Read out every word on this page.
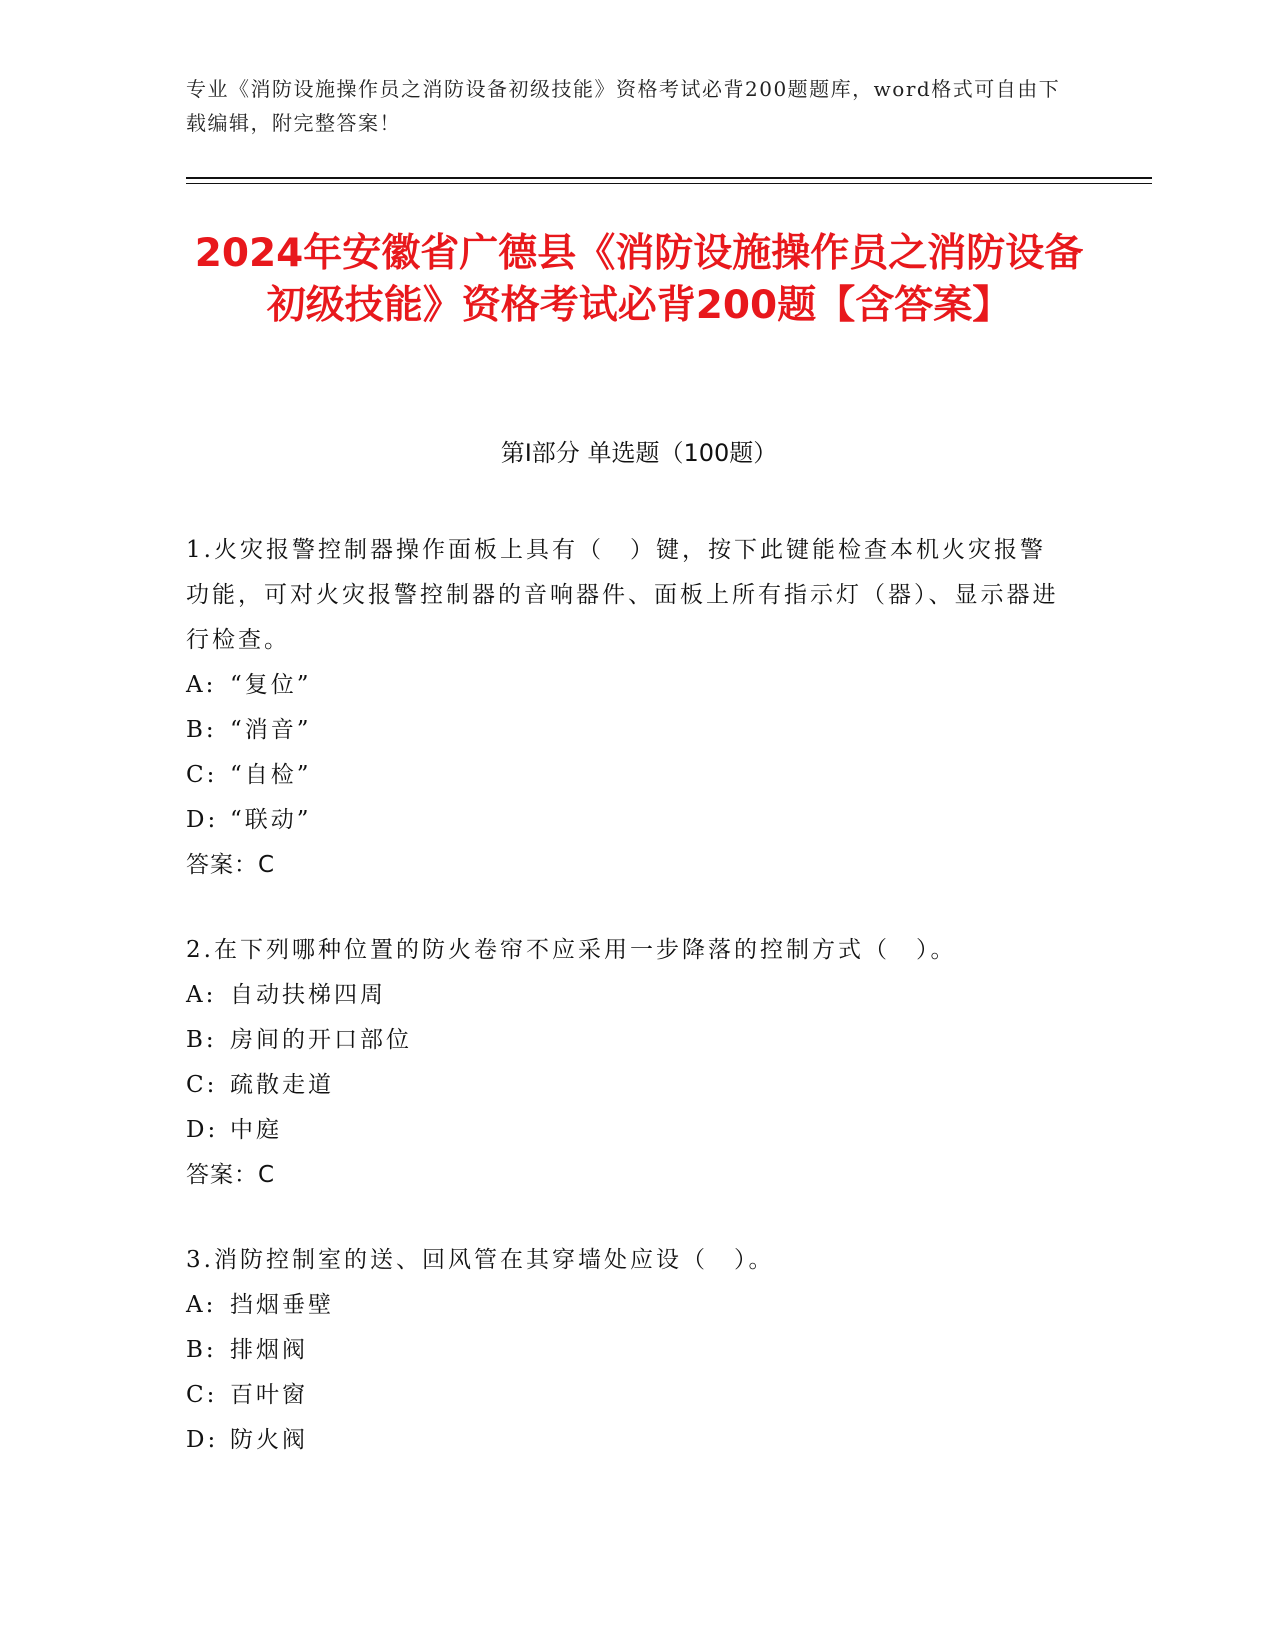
专业《消防设施操作员之消防设备初级技能》资格考试必背200题题库，word格式可自由下载编辑，附完整答案！
2024年安徽省广德县《消防设施操作员之消防设备初级技能》资格考试必背200题【含答案】
第I部分 单选题（100题）
1.火灾报警控制器操作面板上具有（　）键，按下此键能检查本机火灾报警功能，可对火灾报警控制器的音响器件、面板上所有指示灯（器）、显示器进行检查。
A: “复位”
B: “消音”
C: “自检”
D: “联动”
答案：C
2.在下列哪种位置的防火卷帘不应采用一步降落的控制方式（　）。
A: 自动扶梯四周
B: 房间的开口部位
C: 疏散走道
D: 中庭
答案：C
3.消防控制室的送、回风管在其穿墙处应设（　）。
A: 挡烟垂壁
B: 排烟阀
C: 百叶窗
D: 防火阀
